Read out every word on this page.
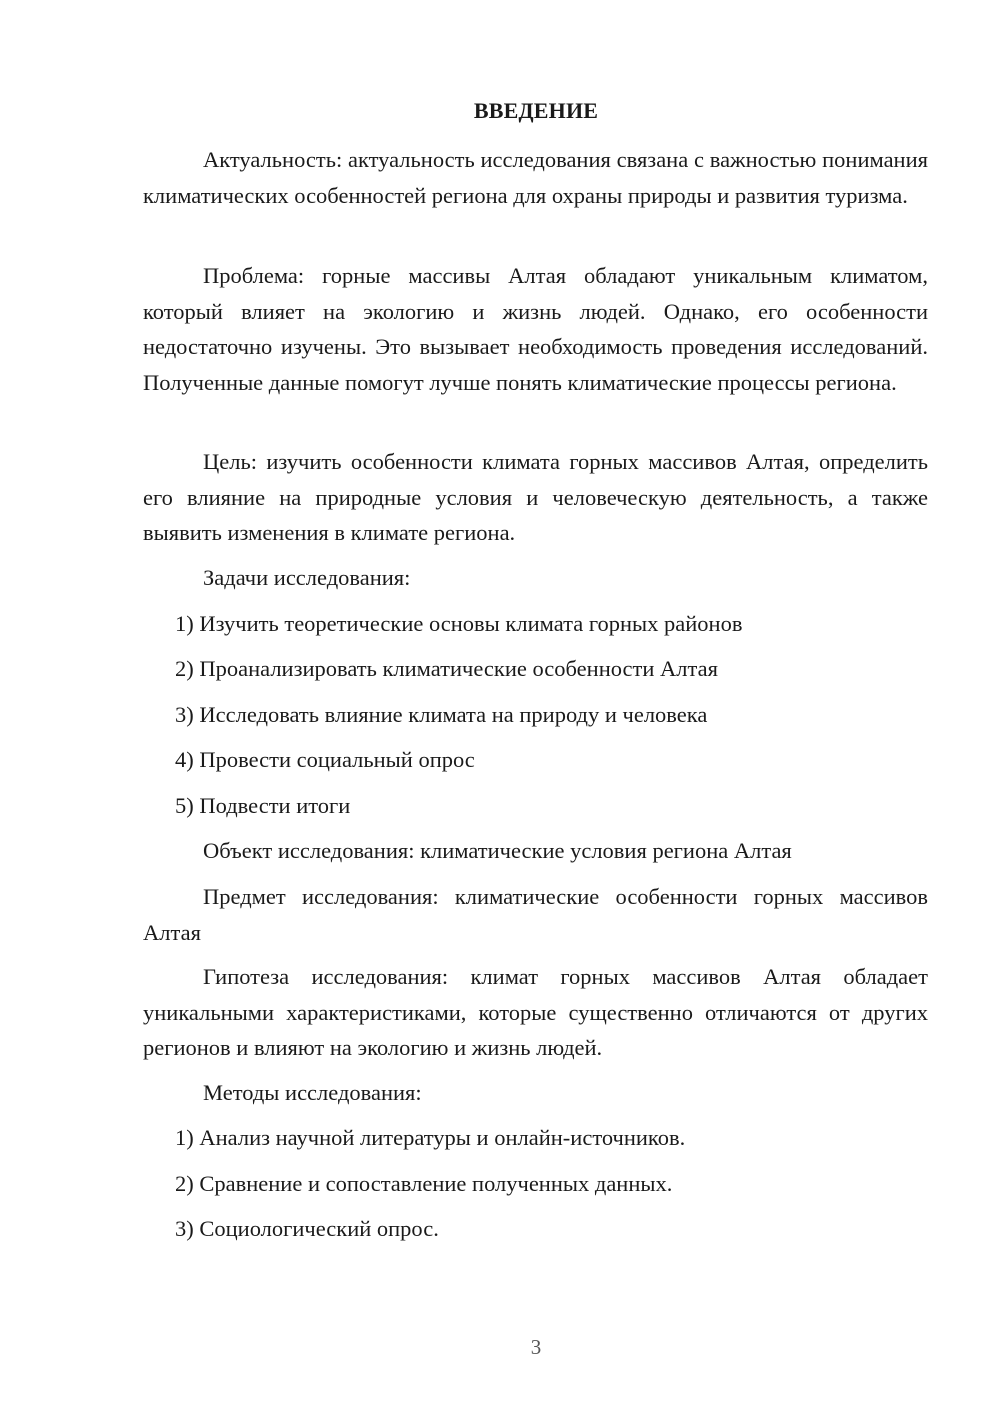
ВВЕДЕНИЕ
Актуальность: актуальность исследования связана с важностью понимания климатических особенностей региона для охраны природы и развития туризма.
Проблема: горные массивы Алтая обладают уникальным климатом, который влияет на экологию и жизнь людей. Однако, его особенности недостаточно изучены. Это вызывает необходимость проведения исследований. Полученные данные помогут лучше понять климатические процессы региона.
Цель: изучить особенности климата горных массивов Алтая, определить его влияние на природные условия и человеческую деятельность, а также выявить изменения в климате региона.
Задачи исследования:
1) Изучить теоретические основы климата горных районов
2) Проанализировать климатические особенности Алтая
3) Исследовать влияние климата на природу и человека
4) Провести социальный опрос
5) Подвести итоги
Объект исследования: климатические условия региона Алтая
Предмет исследования: климатические особенности горных массивов Алтая
Гипотеза исследования: климат горных массивов Алтая обладает уникальными характеристиками, которые существенно отличаются от других регионов и влияют на экологию и жизнь людей.
Методы исследования:
1) Анализ научной литературы и онлайн-источников.
2) Сравнение и сопоставление полученных данных.
3) Социологический опрос.
3
